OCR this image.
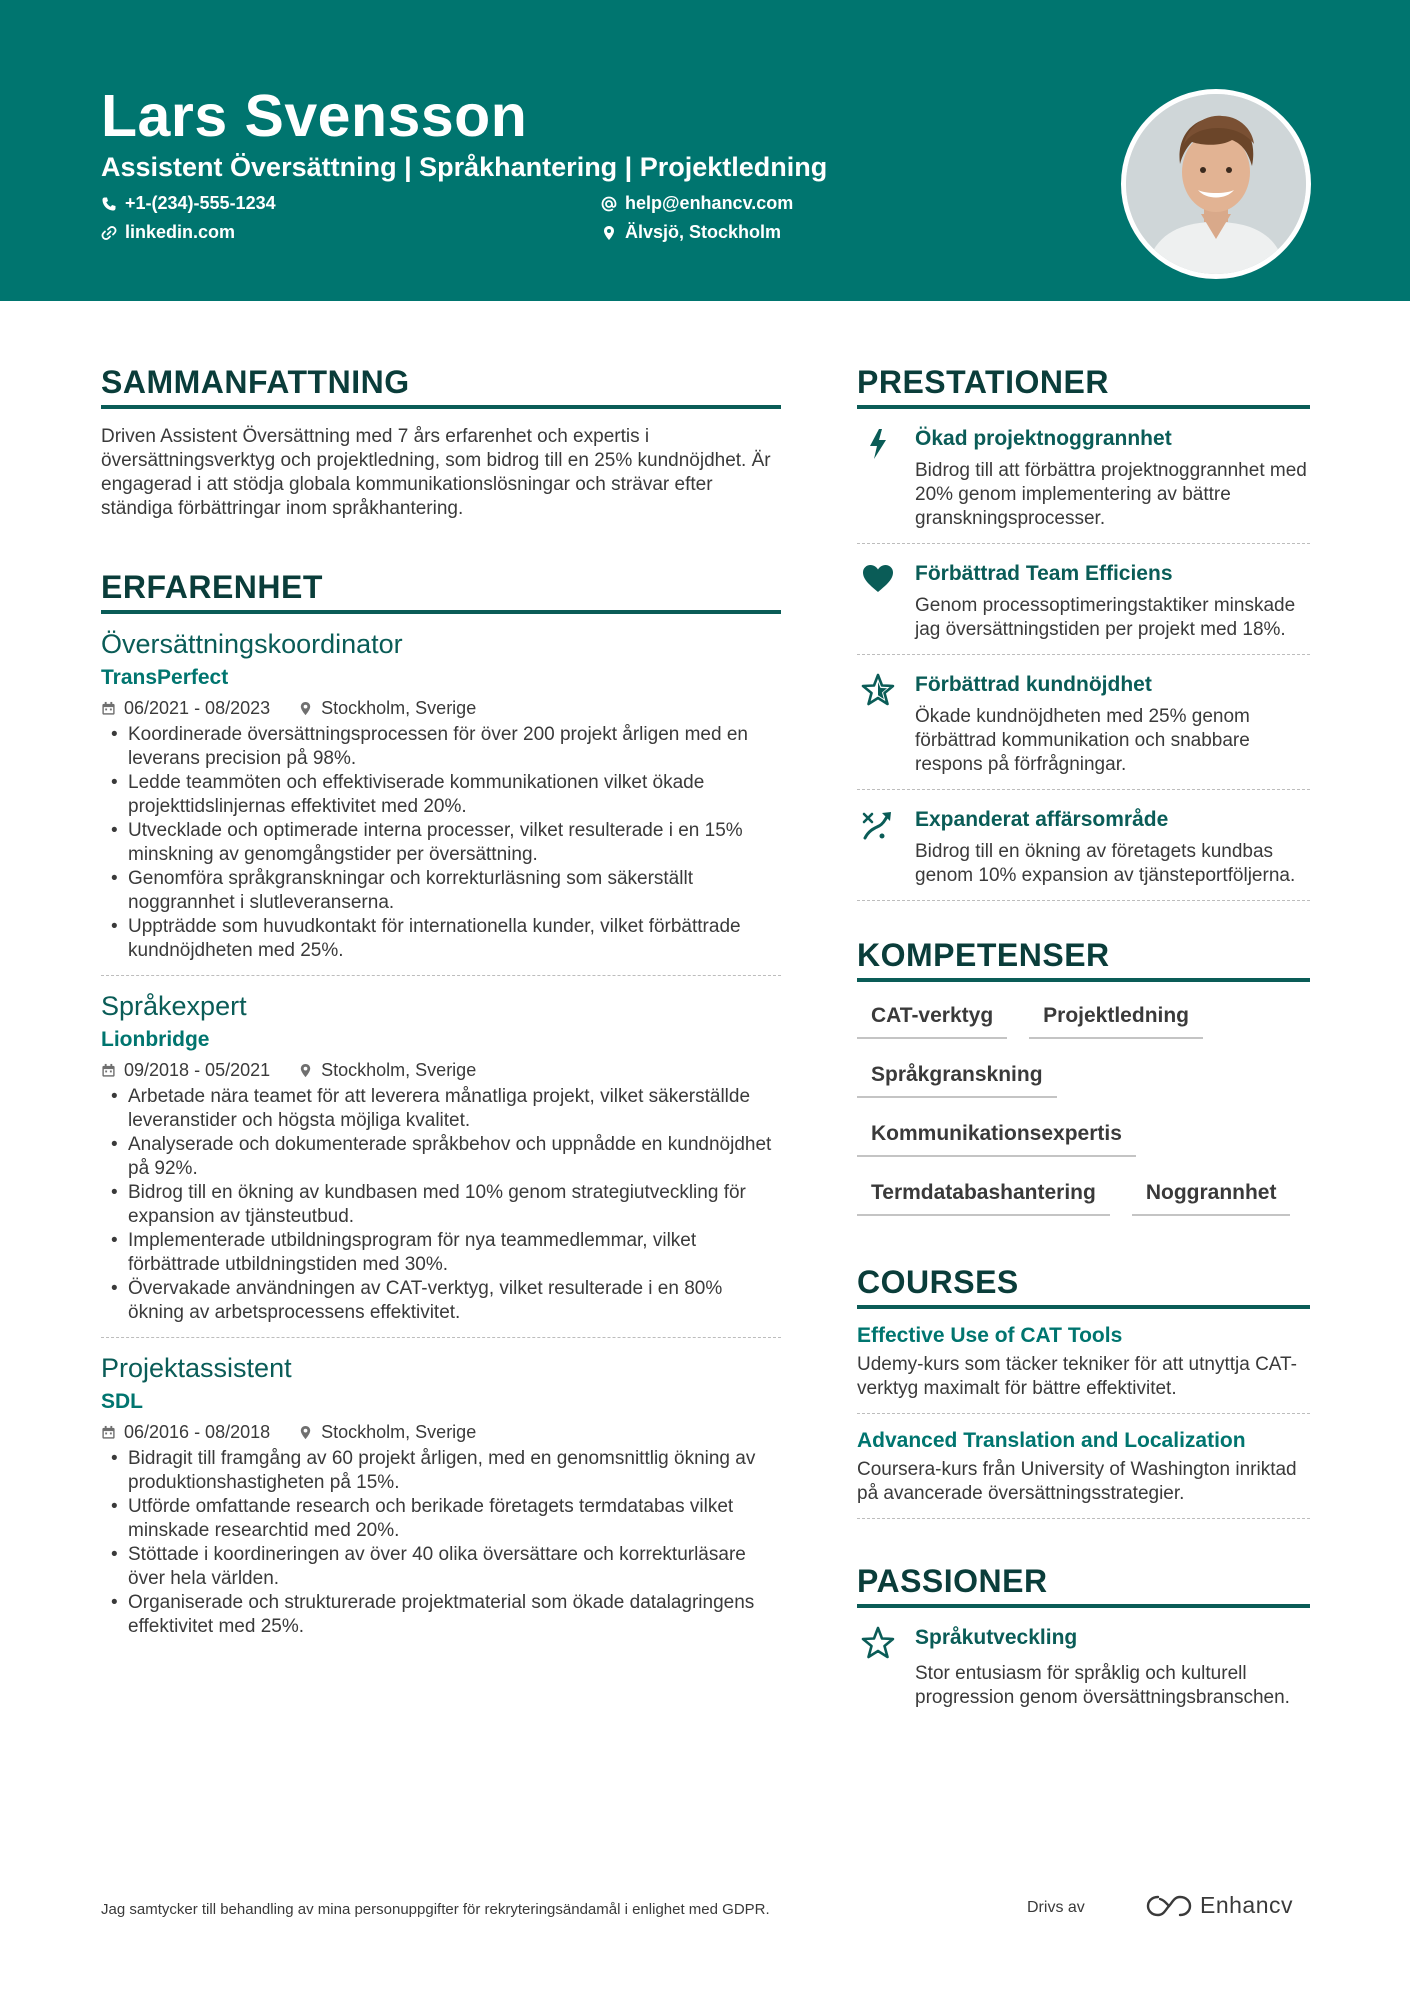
Lars Svensson
Assistent Översättning | Språkhantering | Projektledning
+1-(234)-555-1234	help@enhancv.com
linkedin.com	Älvsjö, Stockholm
SAMMANFATTNING
Driven Assistent Översättning med 7 års erfarenhet och expertis i översättningsverktyg och projektledning, som bidrog till en 25% kundnöjdhet. Är engagerad i att stödja globala kommunikationslösningar och strävar efter ständiga förbättringar inom språkhantering.
ERFARENHET
Översättningskoordinator
TransPerfect
06/2021 - 08/2023	Stockholm, Sverige
• Koordinerade översättningsprocessen för över 200 projekt årligen med en leverans precision på 98%.
• Ledde teammöten och effektiviserade kommunikationen vilket ökade projekttidslinjernas effektivitet med 20%.
• Utvecklade och optimerade interna processer, vilket resulterade i en 15% minskning av genomgångstider per översättning.
• Genomföra språkgranskningar och korrekturläsning som säkerställt noggrannhet i slutleveranserna.
• Uppträdde som huvudkontakt för internationella kunder, vilket förbättrade kundnöjdheten med 25%.
Språkexpert
Lionbridge
09/2018 - 05/2021	Stockholm, Sverige
• Arbetade nära teamet för att leverera månatliga projekt, vilket säkerställde leveranstider och högsta möjliga kvalitet.
• Analyserade och dokumenterade språkbehov och uppnådde en kundnöjdhet på 92%.
• Bidrog till en ökning av kundbasen med 10% genom strategiutveckling för expansion av tjänsteutbud.
• Implementerade utbildningsprogram för nya teammedlemmar, vilket förbättrade utbildningstiden med 30%.
• Övervakade användningen av CAT-verktyg, vilket resulterade i en 80% ökning av arbetsprocessens effektivitet.
Projektassistent
SDL
06/2016 - 08/2018	Stockholm, Sverige
• Bidragit till framgång av 60 projekt årligen, med en genomsnittlig ökning av produktionshastigheten på 15%.
• Utförde omfattande research och berikade företagets termdatabas vilket minskade researchtid med 20%.
• Stöttade i koordineringen av över 40 olika översättare och korrekturläsare över hela världen.
• Organiserade och strukturerade projektmaterial som ökade datalagringens effektivitet med 25%.
PRESTATIONER
Ökad projektnoggrannhet
Bidrog till att förbättra projektnoggrannhet med 20% genom implementering av bättre granskningsprocesser.
Förbättrad Team Efficiens
Genom processoptimeringstaktiker minskade jag översättningstiden per projekt med 18%.
Förbättrad kundnöjdhet
Ökade kundnöjdheten med 25% genom förbättrad kommunikation och snabbare respons på förfrågningar.
Expanderat affärsområde
Bidrog till en ökning av företagets kundbas genom 10% expansion av tjänsteportföljerna.
KOMPETENSER
CAT-verktyg	Projektledning
Språkgranskning
Kommunikationsexpertis
Termdatabashantering	Noggrannhet
COURSES
Effective Use of CAT Tools
Udemy-kurs som täcker tekniker för att utnyttja CAT-verktyg maximalt för bättre effektivitet.
Advanced Translation and Localization
Coursera-kurs från University of Washington inriktad på avancerade översättningsstrategier.
PASSIONER
Språkutveckling
Stor entusiasm för språklig och kulturell progression genom översättningsbranschen.
Jag samtycker till behandling av mina personuppgifter för rekryteringsändamål i enlighet med GDPR.	Drivs av	Enhancv
